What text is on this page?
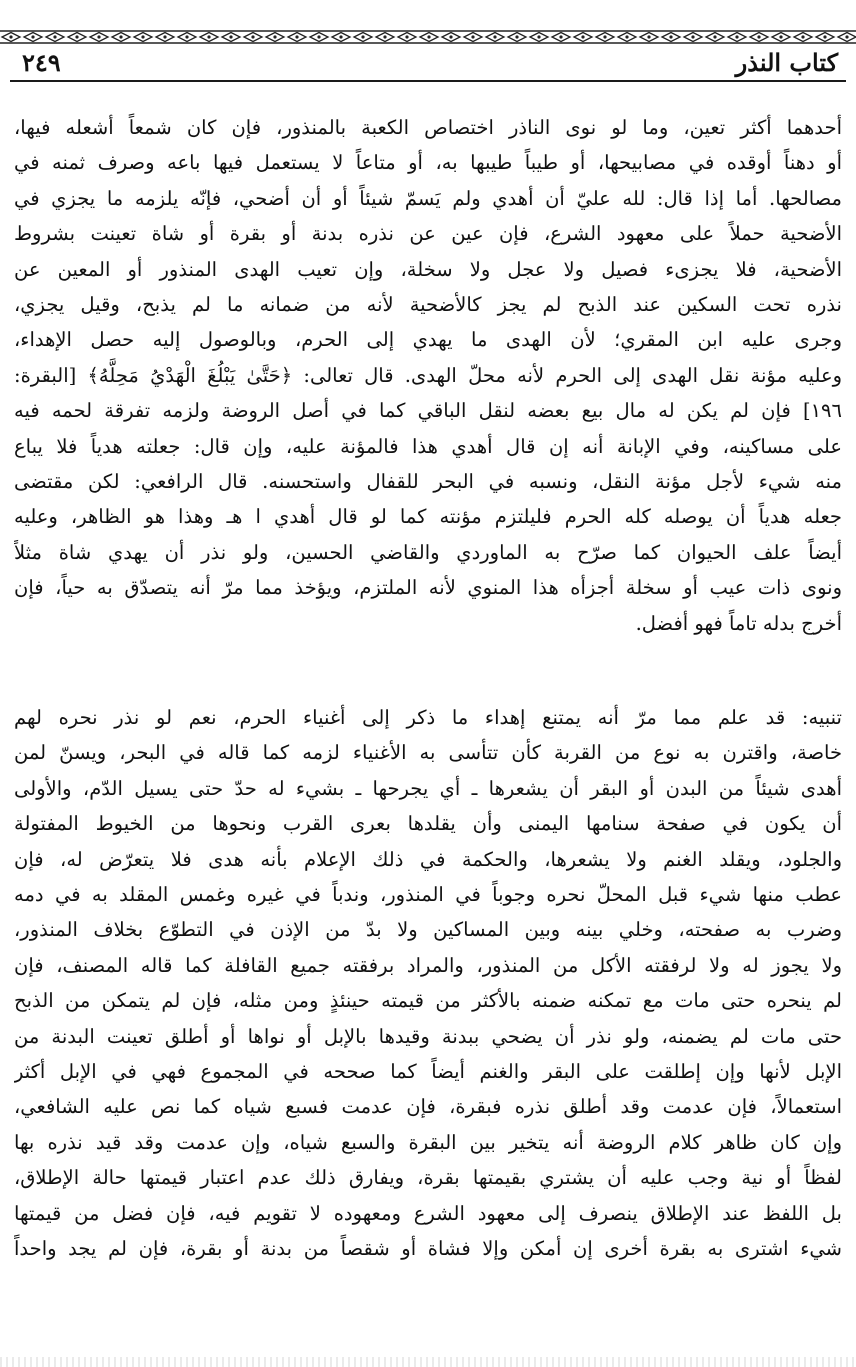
كتاب النذر
٢٤٩
أحدهما أكثر تعين، وما لو نوى الناذر اختصاص الكعبة بالمنذور، فإن كان شمعاً أشعله فيها،
أو دهناً أوقده في مصابيحها، أو طيباً طيبها به، أو متاعاً لا يستعمل فيها باعه وصرف ثمنه في
مصالحها. أما إذا قال: لله عليّ أن أهدي ولم يَسمّ شيئاً أو أن أضحي، فإنّه يلزمه ما يجزي في
الأضحية حملاً على معهود الشرع، فإن عين عن نذره بدنة أو بقرة أو شاة تعينت بشروط
الأضحية، فلا يجزىء فصيل ولا عجل ولا سخلة، وإن تعيب الهدى المنذور أو المعين عن
نذره تحت السكين عند الذبح لم يجز كالأضحية لأنه من ضمانه ما لم يذبح، وقيل يجزي،
وجرى عليه ابن المقري؛ لأن الهدى ما يهدي إلى الحرم، وبالوصول إليه حصل الإهداء،
وعليه مؤنة نقل الهدى إلى الحرم لأنه محلّ الهدى. قال تعالى: ﴿حَتَّىٰ يَبْلُغَ الْهَدْيُ مَحِلَّهُ﴾ [البقرة:
١٩٦] فإن لم يكن له مال بيع بعضه لنقل الباقي كما في أصل الروضة ولزمه تفرقة لحمه فيه
على مساكينه، وفي الإبانة أنه إن قال أهدي هذا فالمؤنة عليه، وإن قال: جعلته هدياً فلا يباع
منه شيء لأجل مؤنة النقل، ونسبه في البحر للقفال واستحسنه. قال الرافعي: لكن مقتضى
جعله هدياً أن يوصله كله الحرم فليلتزم مؤنته كما لو قال أهدي ا هـ وهذا هو الظاهر، وعليه
أيضاً علف الحيوان كما صرّح به الماوردي والقاضي الحسين، ولو نذر أن يهدي شاة مثلاً
ونوى ذات عيب أو سخلة أجزأه هذا المنوي لأنه الملتزم، ويؤخذ مما مرّ أنه يتصدّق به حياً، فإن
أخرج بدله تاماً فهو أفضل.
تنبيه: قد علم مما مرّ أنه يمتنع إهداء ما ذكر إلى أغنياء الحرم، نعم لو نذر نحره لهم
خاصة، واقترن به نوع من القربة كأن تتأسى به الأغنياء لزمه كما قاله في البحر، ويسنّ لمن
أهدى شيئاً من البدن أو البقر أن يشعرها ـ أي يجرحها ـ بشيء له حدّ حتى يسيل الدّم، والأولى
أن يكون في صفحة سنامها اليمنى وأن يقلدها بعرى القرب ونحوها من الخيوط المفتولة
والجلود، ويقلد الغنم ولا يشعرها، والحكمة في ذلك الإعلام بأنه هدى فلا يتعرّض له، فإن
عطب منها شيء قبل المحلّ نحره وجوباً في المنذور، وندباً في غيره وغمس المقلد به في دمه
وضرب به صفحته، وخلي بينه وبين المساكين ولا بدّ من الإذن في التطوّع بخلاف المنذور،
ولا يجوز له ولا لرفقته الأكل من المنذور، والمراد برفقته جميع القافلة كما قاله المصنف، فإن
لم ينحره حتى مات مع تمكنه ضمنه بالأكثر من قيمته حينئذٍ ومن مثله، فإن لم يتمكن من الذبح
حتى مات لم يضمنه، ولو نذر أن يضحي ببدنة وقيدها بالإبل أو نواها أو أطلق تعينت البدنة من
الإبل لأنها وإن إطلقت على البقر والغنم أيضاً كما صححه في المجموع فهي في الإبل أكثر
استعمالاً، فإن عدمت وقد أطلق نذره فبقرة، فإن عدمت فسبع شياه كما نص عليه الشافعي،
وإن كان ظاهر كلام الروضة أنه يتخير بين البقرة والسبع شياه، وإن عدمت وقد قيد نذره بها
لفظاً أو نية وجب عليه أن يشتري بقيمتها بقرة، ويفارق ذلك عدم اعتبار قيمتها حالة الإطلاق،
بل اللفظ عند الإطلاق ينصرف إلى معهود الشرع ومعهوده لا تقويم فيه، فإن فضل من قيمتها
شيء اشترى به بقرة أخرى إن أمكن وإلا فشاة أو شقصاً من بدنة أو بقرة، فإن لم يجد واحداً
